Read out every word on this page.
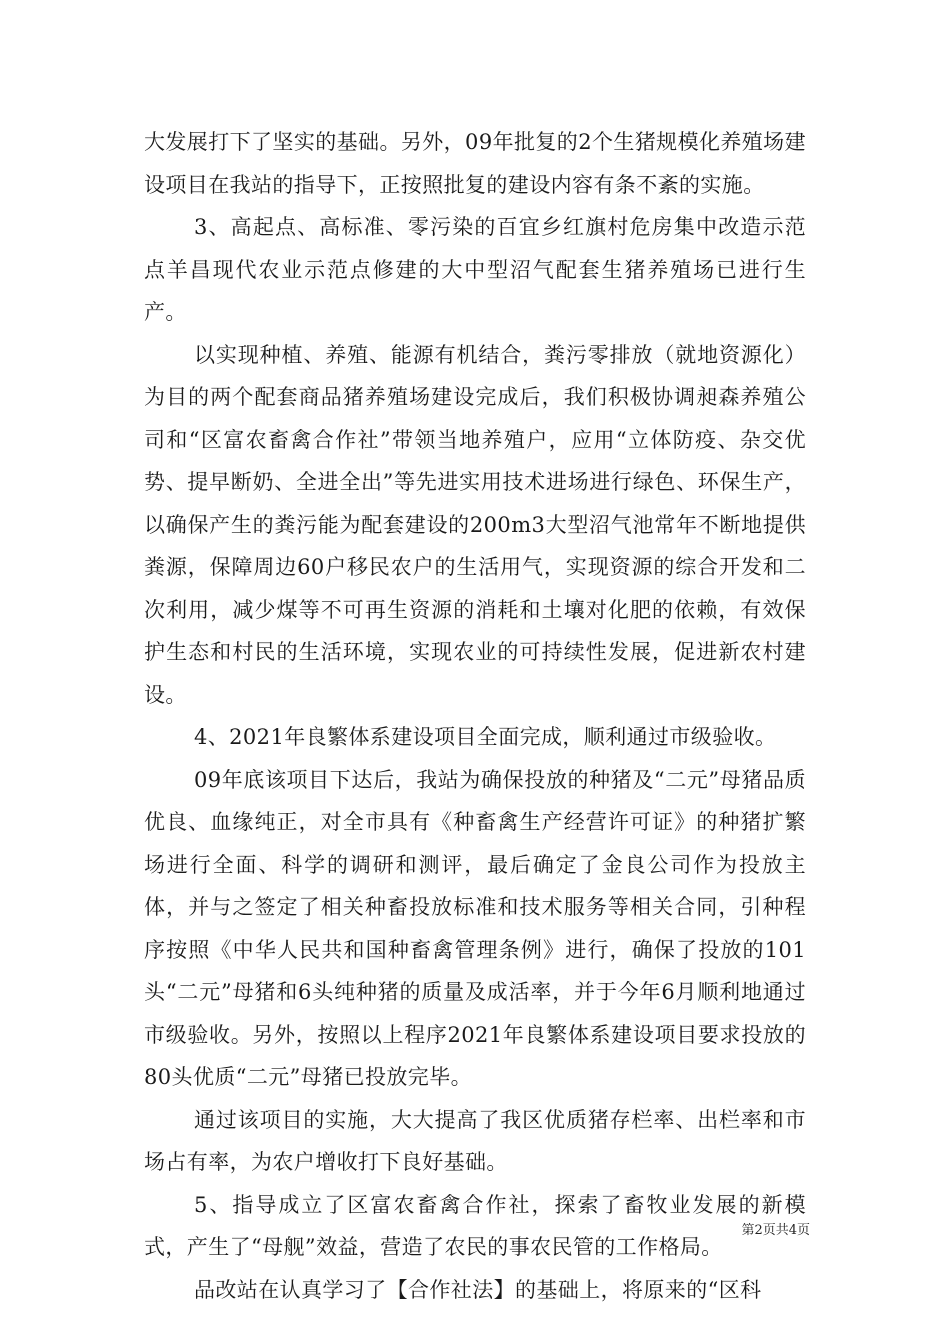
大发展打下了坚实的基础。另外，09年批复的2个生猪规模化养殖场建设项目在我站的指导下，正按照批复的建设内容有条不紊的实施。

3、高起点、高标准、零污染的百宜乡红旗村危房集中改造示范点羊昌现代农业示范点修建的大中型沼气配套生猪养殖场已进行生产。

以实现种植、养殖、能源有机结合，粪污零排放（就地资源化）为目的两个配套商品猪养殖场建设完成后，我们积极协调昶森养殖公司和“区富农畜禽合作社”带领当地养殖户，应用“立体防疫、杂交优势、提早断奶、全进全出”等先进实用技术进场进行绿色、环保生产，以确保产生的粪污能为配套建设的200m3大型沼气池常年不断地提供粪源，保障周边60户移民农户的生活用气，实现资源的综合开发和二次利用，减少煤等不可再生资源的消耗和土壤对化肥的依赖，有效保护生态和村民的生活环境，实现农业的可持续性发展，促进新农村建设。

4、2021年良繁体系建设项目全面完成，顺利通过市级验收。

09年底该项目下达后，我站为确保投放的种猪及“二元”母猪品质优良、血缘纯正，对全市具有《种畜禽生产经营许可证》的种猪扩繁场进行全面、科学的调研和测评，最后确定了金良公司作为投放主体，并与之签定了相关种畜投放标准和技术服务等相关合同，引种程序按照《中华人民共和国种畜禽管理条例》进行，确保了投放的101头“二元”母猪和6头纯种猪的质量及成活率，并于今年6月顺利地通过市级验收。另外，按照以上程序2021年良繁体系建设项目要求投放的80头优质“二元”母猪已投放完毕。

通过该项目的实施，大大提高了我区优质猪存栏率、出栏率和市场占有率，为农户增收打下良好基础。

5、指导成立了区富农畜禽合作社，探索了畜牧业发展的新模式，产生了“母舰”效益，营造了农民的事农民管的工作格局。

品改站在认真学习了【合作社法】的基础上，将原来的“区科

第2页共4页
